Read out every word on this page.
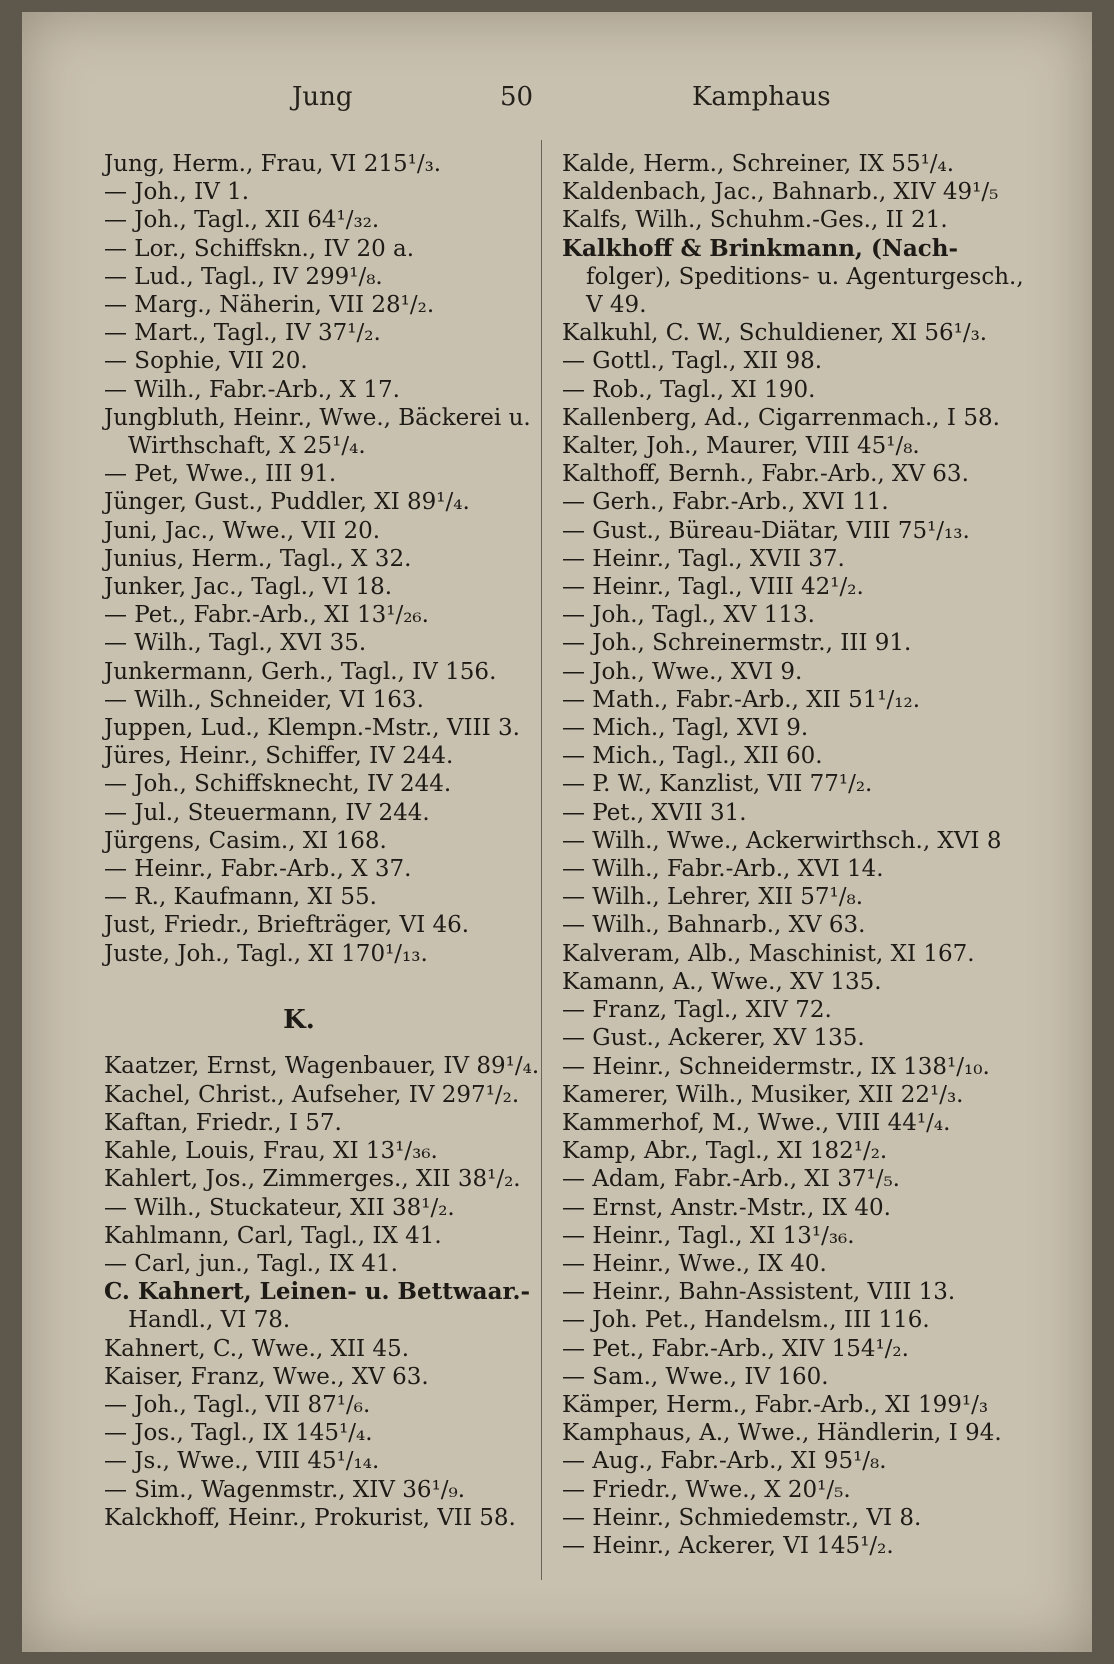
Jung	50	Kamphaus
Jung, Herm., Frau, VI 215¹/₃.
— Joh., IV 1.
— Joh., Tagl., XII 64¹/₃₂.
— Lor., Schiffskn., IV 20 a.
— Lud., Tagl., IV 299¹/₈.
— Marg., Näherin, VII 28¹/₂.
— Mart., Tagl., IV 37¹/₂.
— Sophie, VII 20.
— Wilh., Fabr.-Arb., X 17.
Jungbluth, Heinr., Wwe., Bäckerei u.
Wirthschaft, X 25¹/₄.
— Pet, Wwe., III 91.
Jünger, Gust., Puddler, XI 89¹/₄.
Juni, Jac., Wwe., VII 20.
Junius, Herm., Tagl., X 32.
Junker, Jac., Tagl., VI 18.
— Pet., Fabr.-Arb., XI 13¹/₂₆.
— Wilh., Tagl., XVI 35.
Junkermann, Gerh., Tagl., IV 156.
— Wilh., Schneider, VI 163.
Juppen, Lud., Klempn.-Mstr., VIII 3.
Jüres, Heinr., Schiffer, IV 244.
— Joh., Schiffsknecht, IV 244.
— Jul., Steuermann, IV 244.
Jürgens, Casim., XI 168.
— Heinr., Fabr.-Arb., X 37.
— R., Kaufmann, XI 55.
Just, Friedr., Briefträger, VI 46.
Juste, Joh., Tagl., XI 170¹/₁₃.
K.
Kaatzer, Ernst, Wagenbauer, IV 89¹/₄.
Kachel, Christ., Aufseher, IV 297¹/₂.
Kaftan, Friedr., I 57.
Kahle, Louis, Frau, XI 13¹/₃₆.
Kahlert, Jos., Zimmerges., XII 38¹/₂.
— Wilh., Stuckateur, XII 38¹/₂.
Kahlmann, Carl, Tagl., IX 41.
— Carl, jun., Tagl., IX 41.
C. Kahnert, Leinen- u. Bettwaar.-
Handl., VI 78.
Kahnert, C., Wwe., XII 45.
Kaiser, Franz, Wwe., XV 63.
— Joh., Tagl., VII 87¹/₆.
— Jos., Tagl., IX 145¹/₄.
— Js., Wwe., VIII 45¹/₁₄.
— Sim., Wagenmstr., XIV 36¹/₉.
Kalckhoff, Heinr., Prokurist, VII 58.
Kalde, Herm., Schreiner, IX 55¹/₄.
Kaldenbach, Jac., Bahnarb., XIV 49¹/₅
Kalfs, Wilh., Schuhm.-Ges., II 21.
Kalkhoff & Brinkmann, (Nach-
folger), Speditions- u. Agenturgesch.,
V 49.
Kalkuhl, C. W., Schuldiener, XI 56¹/₃.
— Gottl., Tagl., XII 98.
— Rob., Tagl., XI 190.
Kallenberg, Ad., Cigarrenmach., I 58.
Kalter, Joh., Maurer, VIII 45¹/₈.
Kalthoff, Bernh., Fabr.-Arb., XV 63.
— Gerh., Fabr.-Arb., XVI 11.
— Gust., Büreau-Diätar, VIII 75¹/₁₃.
— Heinr., Tagl., XVII 37.
— Heinr., Tagl., VIII 42¹/₂.
— Joh., Tagl., XV 113.
— Joh., Schreinermstr., III 91.
— Joh., Wwe., XVI 9.
— Math., Fabr.-Arb., XII 51¹/₁₂.
— Mich., Tagl, XVI 9.
— Mich., Tagl., XII 60.
— P. W., Kanzlist, VII 77¹/₂.
— Pet., XVII 31.
— Wilh., Wwe., Ackerwirthsch., XVI 8
— Wilh., Fabr.-Arb., XVI 14.
— Wilh., Lehrer, XII 57¹/₈.
— Wilh., Bahnarb., XV 63.
Kalveram, Alb., Maschinist, XI 167.
Kamann, A., Wwe., XV 135.
— Franz, Tagl., XIV 72.
— Gust., Ackerer, XV 135.
— Heinr., Schneidermstr., IX 138¹/₁₀.
Kamerer, Wilh., Musiker, XII 22¹/₃.
Kammerhof, M., Wwe., VIII 44¹/₄.
Kamp, Abr., Tagl., XI 182¹/₂.
— Adam, Fabr.-Arb., XI 37¹/₅.
— Ernst, Anstr.-Mstr., IX 40.
— Heinr., Tagl., XI 13¹/₃₆.
— Heinr., Wwe., IX 40.
— Heinr., Bahn-Assistent, VIII 13.
— Joh. Pet., Handelsm., III 116.
— Pet., Fabr.-Arb., XIV 154¹/₂.
— Sam., Wwe., IV 160.
Kämper, Herm., Fabr.-Arb., XI 199¹/₃
Kamphaus, A., Wwe., Händlerin, I 94.
— Aug., Fabr.-Arb., XI 95¹/₈.
— Friedr., Wwe., X 20¹/₅.
— Heinr., Schmiedemstr., VI 8.
— Heinr., Ackerer, VI 145¹/₂.
